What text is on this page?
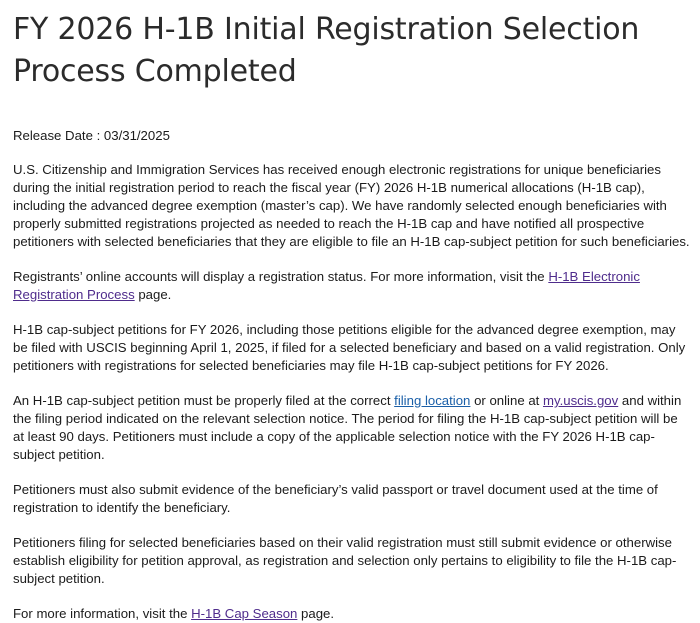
FY 2026 H-1B Initial Registration Selection Process Completed
Release Date : 03/31/2025

U.S. Citizenship and Immigration Services has received enough electronic registrations for unique beneficiaries during the initial registration period to reach the fiscal year (FY) 2026 H-1B numerical allocations (H-1B cap), including the advanced degree exemption (master’s cap). We have randomly selected enough beneficiaries with properly submitted registrations projected as needed to reach the H-1B cap and have notified all prospective petitioners with selected beneficiaries that they are eligible to file an H-1B cap-subject petition for such beneficiaries.

Registrants’ online accounts will display a registration status. For more information, visit the H-1B Electronic Registration Process page.

H-1B cap-subject petitions for FY 2026, including those petitions eligible for the advanced degree exemption, may be filed with USCIS beginning April 1, 2025, if filed for a selected beneficiary and based on a valid registration. Only petitioners with registrations for selected beneficiaries may file H-1B cap-subject petitions for FY 2026.

An H-1B cap-subject petition must be properly filed at the correct filing location or online at my.uscis.gov and within the filing period indicated on the relevant selection notice. The period for filing the H-1B cap-subject petition will be at least 90 days. Petitioners must include a copy of the applicable selection notice with the FY 2026 H-1B cap-subject petition.

Petitioners must also submit evidence of the beneficiary’s valid passport or travel document used at the time of registration to identify the beneficiary.

Petitioners filing for selected beneficiaries based on their valid registration must still submit evidence or otherwise establish eligibility for petition approval, as registration and selection only pertains to eligibility to file the H-1B cap-subject petition.

For more information, visit the H-1B Cap Season page.
